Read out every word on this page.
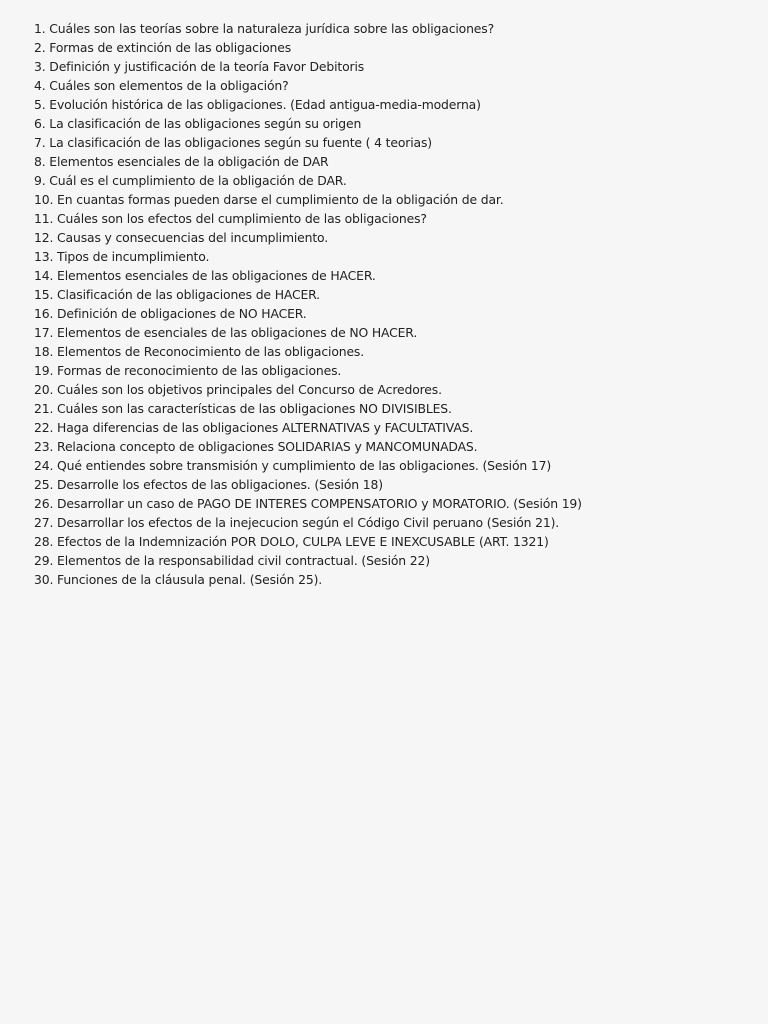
1. Cuáles son las teorías sobre la naturaleza jurídica sobre las obligaciones?
2. Formas de extinción de las obligaciones
3. Definición y justificación de la teoría Favor Debitoris
4. Cuáles son elementos de la obligación?
5. Evolución histórica de las obligaciones. (Edad antigua-media-moderna)
6. La clasificación de las obligaciones según su origen
7. La clasificación de las obligaciones según su fuente ( 4 teorias)
8. Elementos esenciales de la obligación de DAR
9. Cuál es el cumplimiento de la obligación de DAR.
10. En cuantas formas pueden darse el cumplimiento de la obligación de dar.
11. Cuáles son los efectos del cumplimiento de las obligaciones?
12. Causas y consecuencias del incumplimiento.
13. Tipos de incumplimiento.
14. Elementos esenciales de las obligaciones de HACER.
15. Clasificación de las obligaciones de HACER.
16. Definición de obligaciones de NO HACER.
17. Elementos de esenciales de las obligaciones de NO HACER.
18. Elementos de Reconocimiento de las obligaciones.
19. Formas de reconocimiento de las obligaciones.
20. Cuáles son los objetivos principales del Concurso de Acredores.
21. Cuáles son las características de las obligaciones NO DIVISIBLES.
22. Haga diferencias de las obligaciones ALTERNATIVAS y FACULTATIVAS.
23. Relaciona concepto de obligaciones SOLIDARIAS y MANCOMUNADAS.
24. Qué entiendes sobre transmisión y cumplimiento de las obligaciones. (Sesión 17)
25. Desarrolle los efectos de las obligaciones. (Sesión 18)
26. Desarrollar un caso de PAGO DE INTERES COMPENSATORIO y MORATORIO. (Sesión 19)
27. Desarrollar los efectos de la inejecucion según el Código Civil peruano (Sesión 21).
28. Efectos de la Indemnización POR DOLO, CULPA LEVE E INEXCUSABLE (ART. 1321)
29. Elementos de la responsabilidad civil contractual. (Sesión 22)
30. Funciones de la cláusula penal. (Sesión 25).
